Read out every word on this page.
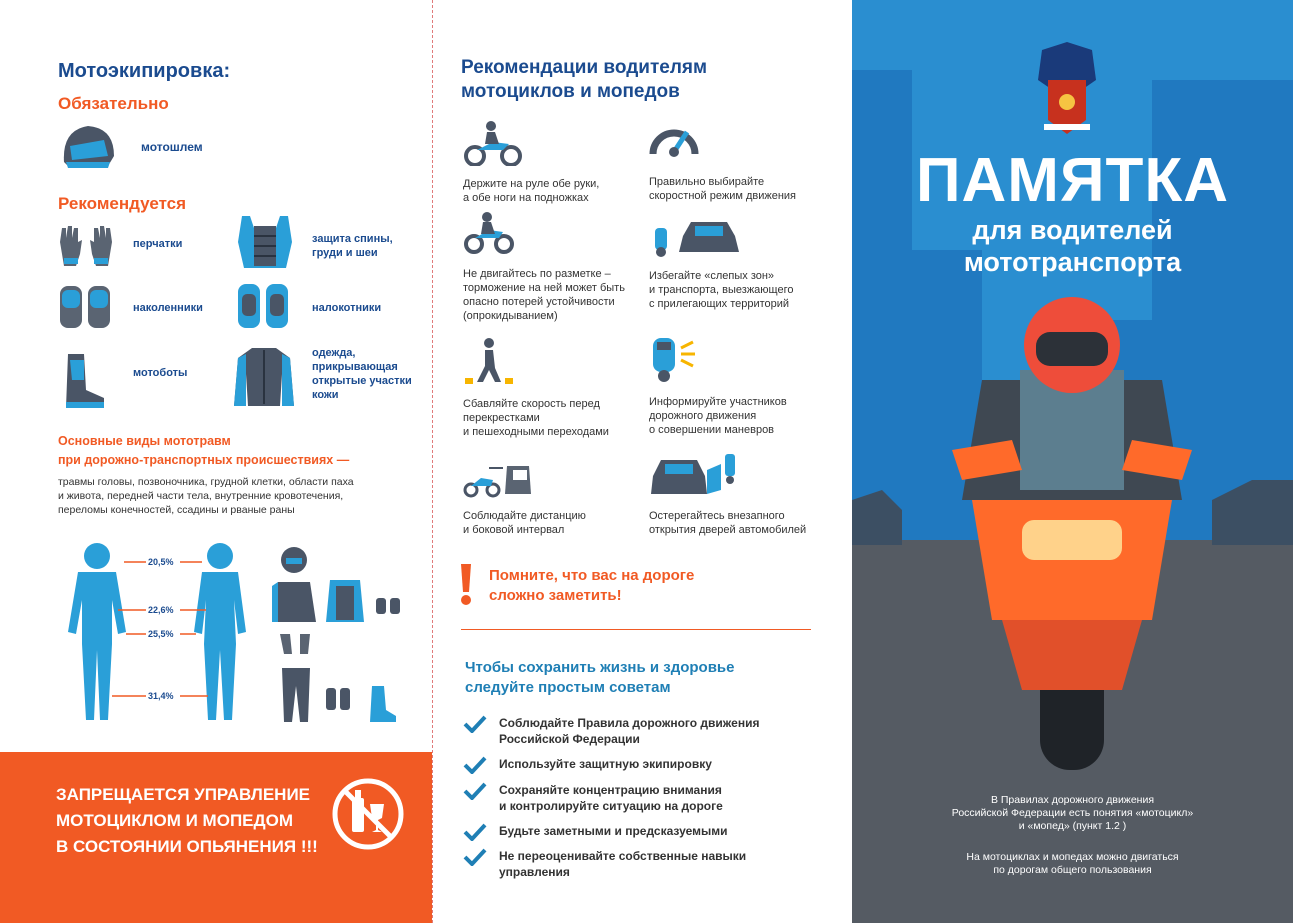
Мотоэкипировка:
Обязательно
мотошлем
Рекомендуется
перчатки	защита спины,
груди и шеи
наколенники	налокотники
мотоботы
одежда,
прикрывающая
открытые участки
кожи
Основные виды мототравм
при дорожно-транспортных происшествиях —
травмы головы, позвоночника, грудной клетки, области паха
и живота, передней части тела, внутренние кровотечения,
переломы конечностей, ссадины и рваные раны
20,5%
22,6%
25,5%
31,4%
ЗАПРЕЩАЕТСЯ УПРАВЛЕНИЕ
МОТОЦИКЛОМ И МОПЕДОМ
В СОСТОЯНИИ ОПЬЯНЕНИЯ !!!
Рекомендации водителям
мотоциклов и мопедов
Держите на руле обе руки,
а обе ноги на подножках
Правильно выбирайте
скоростной режим движения
Не двигайтесь по разметке –
торможение на ней может быть
опасно потерей устойчивости
(опрокидыванием)
Избегайте «слепых зон»
и транспорта, выезжающего
с прилегающих территорий
Сбавляйте скорость перед
перекрестками
и пешеходными переходами
Информируйте участников
дорожного движения
о совершении маневров
Соблюдайте дистанцию
и боковой интервал
Остерегайтесь внезапного
открытия дверей автомобилей
Помните, что вас на дороге
сложно заметить!
Чтобы сохранить жизнь и здоровье
следуйте простым советам
Соблюдайте Правила дорожного движения
Российской Федерации
Используйте защитную экипировку
Сохраняйте концентрацию внимания
и контролируйте ситуацию на дороге
Будьте заметными и предсказуемыми
Не переоценивайте собственные навыки
управления
ПАМЯТКА
для водителей
мототранспорта
В Правилах дорожного движения
Российской Федерации есть понятия «мотоцикл»
и «мопед» (пункт 1.2 )
На мотоциклах и мопедах можно двигаться
по дорогам общего пользования
